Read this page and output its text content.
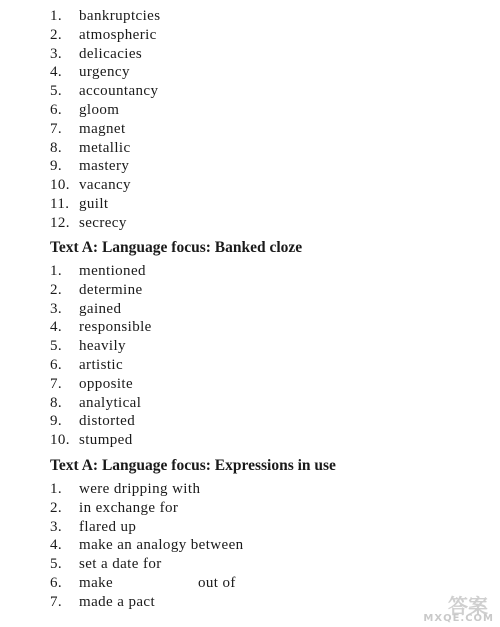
1. bankruptcies
2. atmospheric
3. delicacies
4. urgency
5. accountancy
6. gloom
7. magnet
8. metallic
9. mastery
10. vacancy
11. guilt
12. secrecy
Text A: Language focus: Banked cloze
1. mentioned
2. determine
3. gained
4. responsible
5. heavily
6. artistic
7. opposite
8. analytical
9. distorted
10. stumped
Text A: Language focus: Expressions in use
1. were dripping with
2. in exchange for
3. flared up
4. make an analogy between
5. set a date for
6. make	out of
7. made a pact	答案
MXQE.COM
